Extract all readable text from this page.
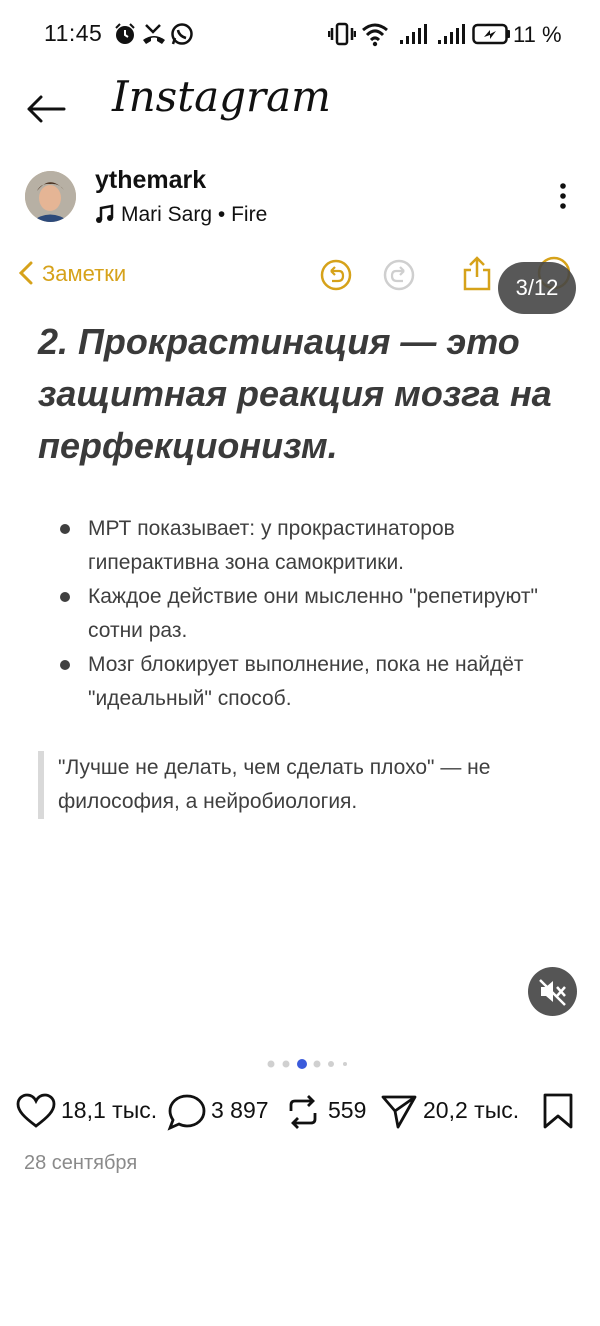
11:45	11 %
Instagram
ythemark
Mari Sarg • Fire
Заметки
3/12
2. Прокрастинация — это защитная реакция мозга на перфекционизм.
МРТ показывает: у прокрастинаторов гиперактивна зона самокритики.
Каждое действие они мысленно "репетируют" сотни раз.
Мозг блокирует выполнение, пока не найдёт "идеальный" способ.
"Лучше не делать, чем сделать плохо" — не философия, а нейробиология.
18,1 тыс. 3 897	559 20,2 тыс.
28 сентября
